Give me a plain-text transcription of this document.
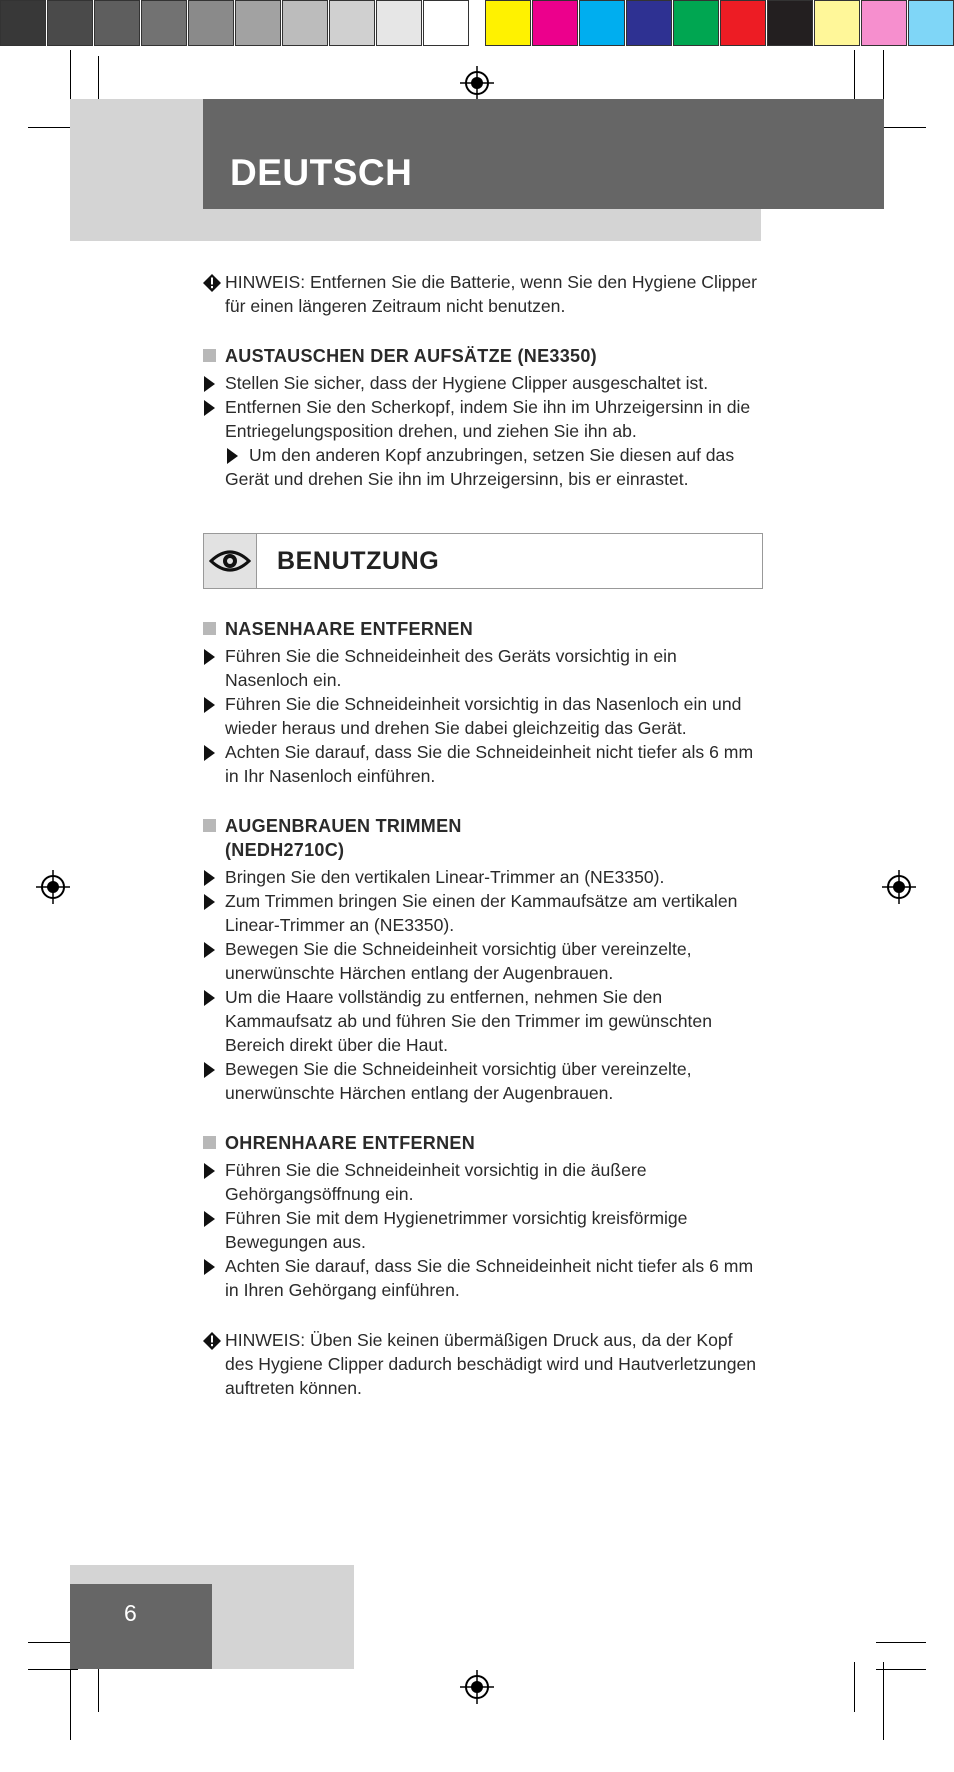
DEUTSCH
HINWEIS: Entfernen Sie die Batterie, wenn Sie den Hygiene Clipper für einen längeren Zeitraum nicht benutzen.
AUSTAUSCHEN DER AUFSÄTZE (NE3350)
Stellen Sie sicher, dass der Hygiene Clipper ausgeschaltet ist.
Entfernen Sie den Scherkopf, indem Sie ihn im Uhrzeigersinn in die Entriegelungsposition drehen, und ziehen Sie ihn ab.
Um den anderen Kopf anzubringen, setzen Sie diesen auf das
Gerät und drehen Sie ihn im Uhrzeigersinn, bis er einrastet.
BENUTZUNG
NASENHAARE ENTFERNEN
Führen Sie die Schneideinheit des Geräts vorsichtig in ein Nasenloch ein.
Führen Sie die Schneideinheit vorsichtig in das Nasenloch ein und wieder heraus und drehen Sie dabei gleichzeitig das Gerät.
Achten Sie darauf, dass Sie die Schneideinheit nicht tiefer als 6 mm in Ihr Nasenloch einführen.
AUGENBRAUEN TRIMMEN
(NEDH2710C)
Bringen Sie den vertikalen Linear-Trimmer an (NE3350).
Zum Trimmen bringen Sie einen der Kammaufsätze am vertikalen Linear-Trimmer an (NE3350).
Bewegen Sie die Schneideinheit vorsichtig über vereinzelte, unerwünschte Härchen entlang der Augenbrauen.
Um die Haare vollständig zu entfernen, nehmen Sie den Kammaufsatz ab und führen Sie den Trimmer im gewünschten Bereich direkt über die Haut.
Bewegen Sie die Schneideinheit vorsichtig über vereinzelte, unerwünschte Härchen entlang der Augenbrauen.
OHRENHAARE ENTFERNEN
Führen Sie die Schneideinheit vorsichtig in die äußere Gehörgangsöffnung ein.
Führen Sie mit dem Hygienetrimmer vorsichtig kreisförmige Bewegungen aus.
Achten Sie darauf, dass Sie die Schneideinheit nicht tiefer als 6 mm in Ihren Gehörgang einführen.
HINWEIS: Üben Sie keinen übermäßigen Druck aus, da der Kopf des Hygiene Clipper dadurch beschädigt wird und Hautverletzungen auftreten können.
6
